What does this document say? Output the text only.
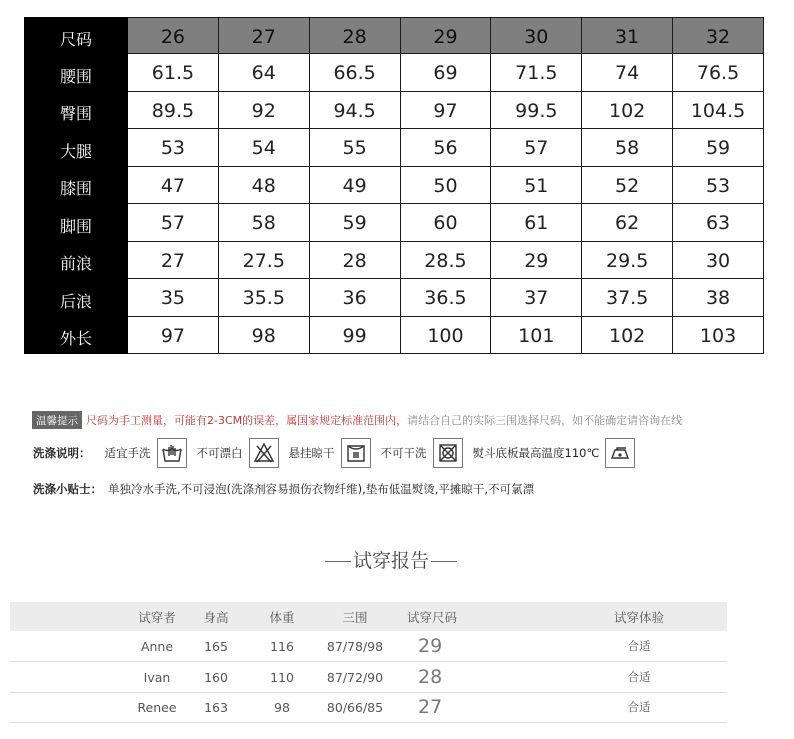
尺码	26	27	28	29	30	31	32
腰围	61.5	64	66.5	69	71.5	74	76.5
臀围	89.5	92	94.5	97	99.5	102	104.5
大腿	53	54	55	56	57	58	59
膝围	47	48	49	50	51	52	53
脚围	57	58	59	60	61	62	63
前浪	27	27.5	28	28.5	29	29.5	30
后浪	35	35.5	36	36.5	37	37.5	38
外长	97	98	99	100	101	102	103
温馨提示 尺码为手工测量，可能有2-3CM的误差，属国家规定标准范围内，请结合自己的实际三围选择尺码，如不能确定请咨询在线
洗涤说明： 适宜手洗	不可漂白	悬挂晾干	不可干洗	熨斗底板最高温度110℃
洗涤小贴士： 单独冷水手洗,不可浸泡(洗涤剂容易损伤衣物纤维),垫布低温熨烫,平摊晾干,不可氯漂
试穿报告
试穿者	身高	体重	三围	试穿尺码	试穿体验
Anne	165	116	87/78/98	29	合适
Ivan	160	110	87/72/90	28	合适
Renee	163	98	80/66/85	27	合适
